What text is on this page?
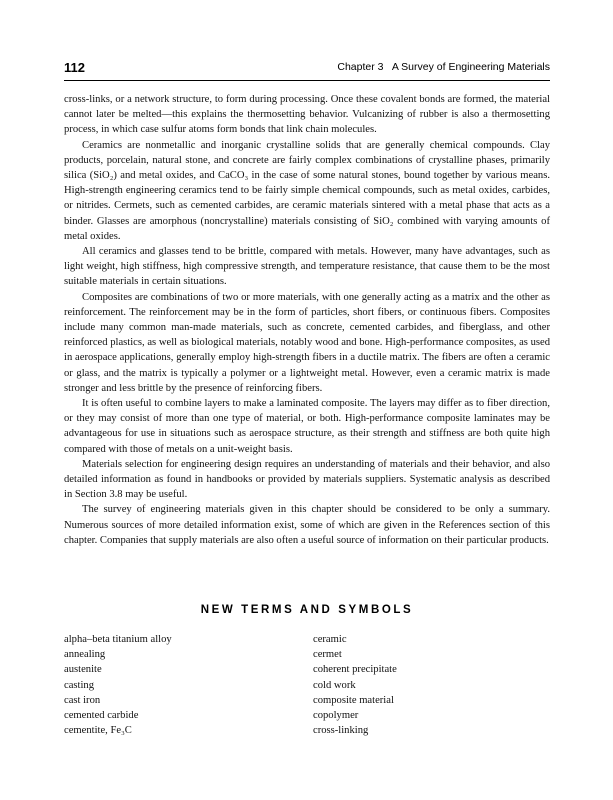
112	Chapter 3 A Survey of Engineering Materials

cross-links, or a network structure, to form during processing. Once these covalent bonds are formed, the material cannot later be melted—this explains the thermosetting behavior. Vulcanizing of rubber is also a thermosetting process, in which case sulfur atoms form bonds that link chain molecules.

Ceramics are nonmetallic and inorganic crystalline solids that are generally chemical compounds. Clay products, porcelain, natural stone, and concrete are fairly complex combinations of crystalline phases, primarily silica (SiO₂) and metal oxides, and CaCO₃ in the case of some natural stones, bound together by various means. High-strength engineering ceramics tend to be fairly simple chemical compounds, such as metal oxides, carbides, or nitrides. Cermets, such as cemented carbides, are ceramic materials sintered with a metal phase that acts as a binder. Glasses are amorphous (noncrystalline) materials consisting of SiO₂ combined with varying amounts of metal oxides.

All ceramics and glasses tend to be brittle, compared with metals. However, many have advantages, such as light weight, high stiffness, high compressive strength, and temperature resistance, that cause them to be the most suitable materials in certain situations.

Composites are combinations of two or more materials, with one generally acting as a matrix and the other as reinforcement. The reinforcement may be in the form of particles, short fibers, or continuous fibers. Composites include many common man-made materials, such as concrete, cemented carbides, and fiberglass, and other reinforced plastics, as well as biological materials, notably wood and bone. High-performance composites, as used in aerospace applications, generally employ high-strength fibers in a ductile matrix. The fibers are often a ceramic or glass, and the matrix is typically a polymer or a lightweight metal. However, even a ceramic matrix is made stronger and less brittle by the presence of reinforcing fibers.

It is often useful to combine layers to make a laminated composite. The layers may differ as to fiber direction, or they may consist of more than one type of material, or both. High-performance composite laminates may be advantageous for use in situations such as aerospace structure, as their strength and stiffness are both quite high compared with those of metals on a unit-weight basis.

Materials selection for engineering design requires an understanding of materials and their behavior, and also detailed information as found in handbooks or provided by materials suppliers. Systematic analysis as described in Section 3.8 may be useful.

The survey of engineering materials given in this chapter should be considered to be only a summary. Numerous sources of more detailed information exist, some of which are given in the References section of this chapter. Companies that supply materials are also often a useful source of information on their particular products.

NEW TERMS AND SYMBOLS
alpha–beta titanium alloy
annealing
austenite
casting
cast iron
cemented carbide
cementite, Fe₃C
ceramic
cermet
coherent precipitate
cold work
composite material
copolymer
cross-linking
